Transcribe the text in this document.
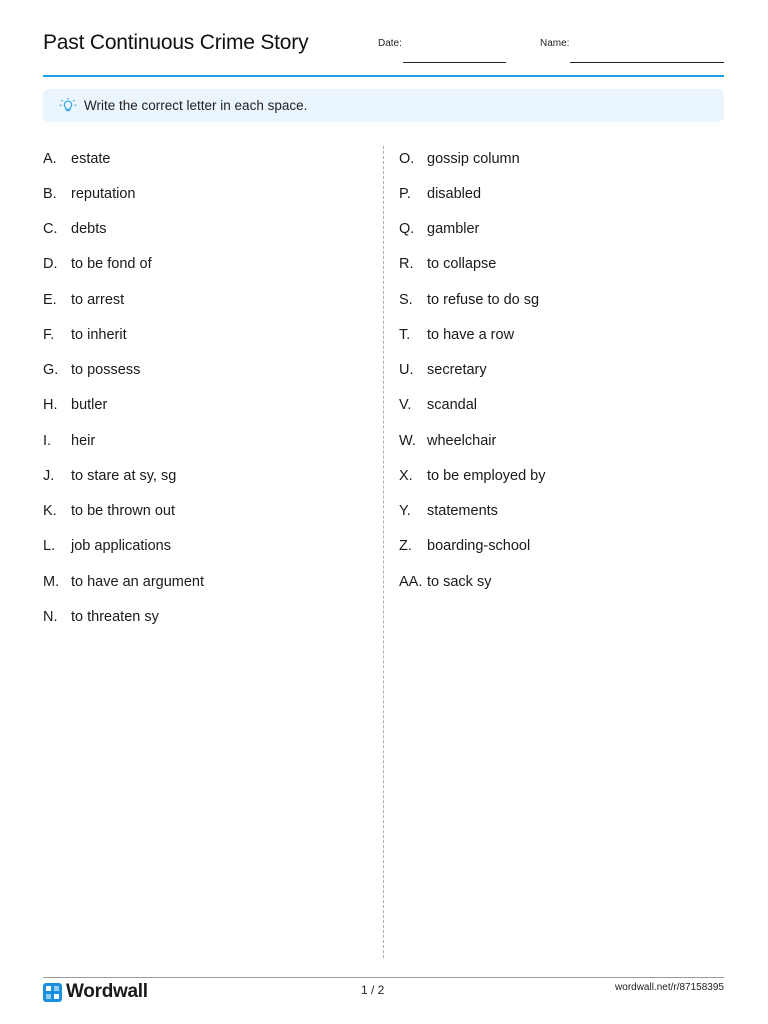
Past Continuous Crime Story	Date:	Name:
Write the correct letter in each space.
A. estate
B. reputation
C. debts
D. to be fond of
E. to arrest
F.	to inherit
G. to possess
H. butler
I.	heir
J.	to stare at sy, sg
K. to be thrown out
L.	job applications
M. to have an argument
N. to threaten sy
O. gossip column
P.	disabled
Q. gambler
R. to collapse
S. to refuse to do sg
T.	to have a row
U. secretary
V.	scandal
W. wheelchair
X. to be employed by
Y.	statements
Z.	boarding-school
AA. to sack sy
Wordwall	1 / 2	wordwall.net/r/87158395
